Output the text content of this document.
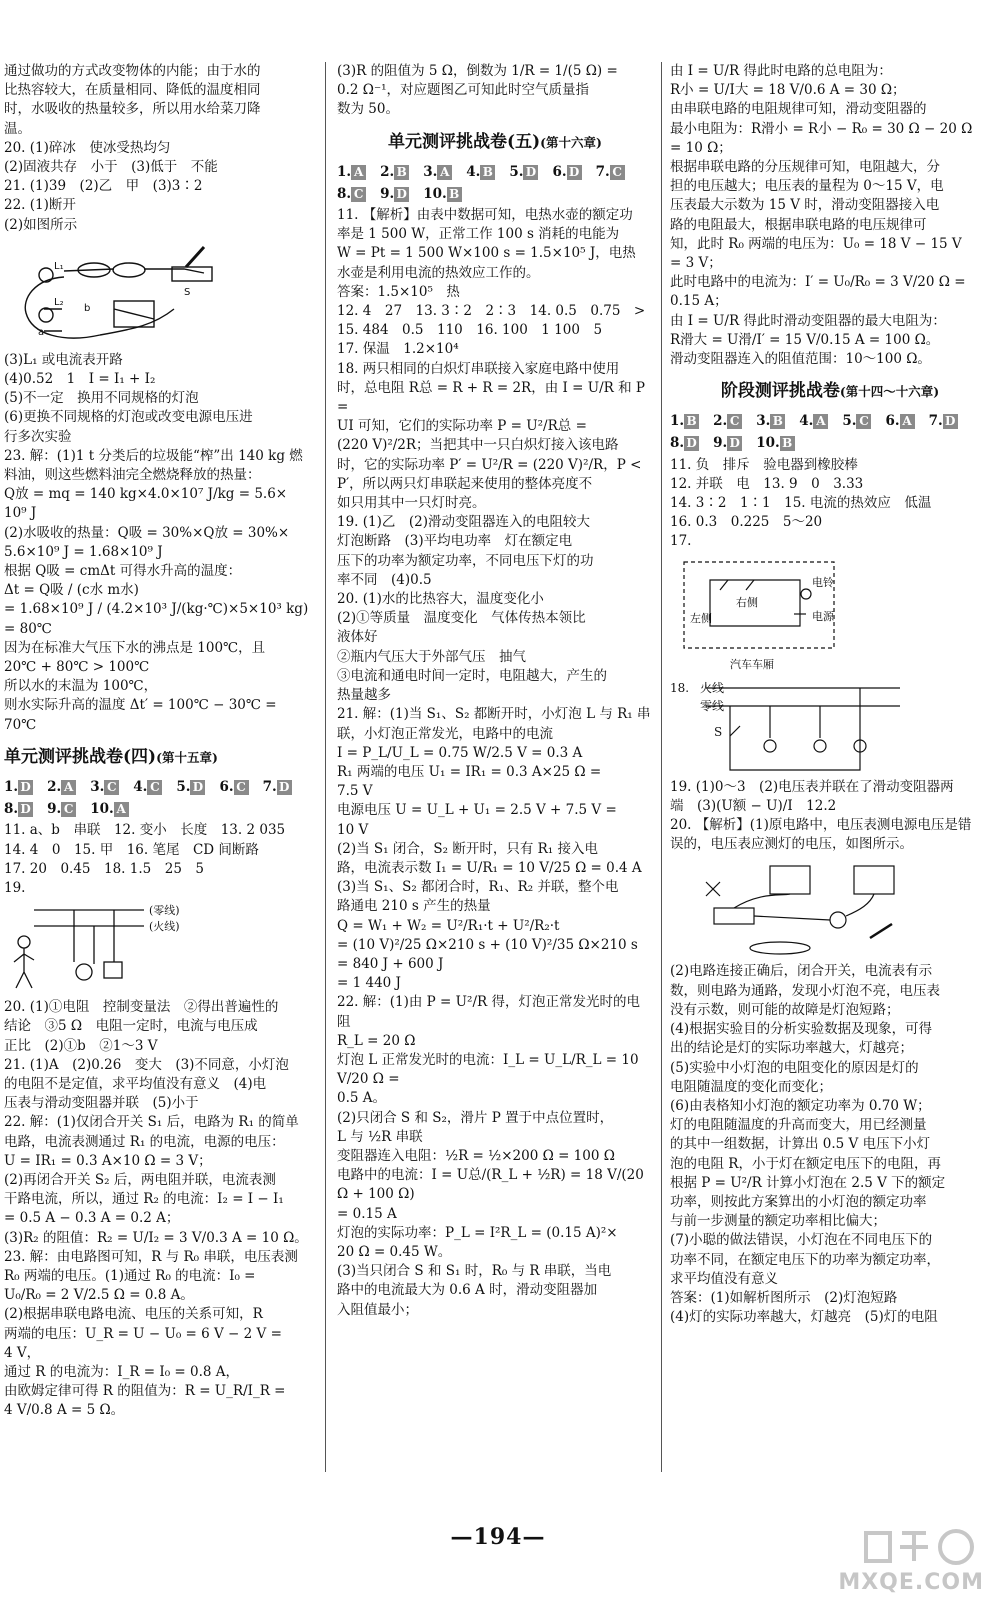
通过做功的方式改变物体的内能；由于水的

比热容较大，在质量相同、降低的温度相同

时，水吸收的热量较多，所以用水给菜刀降

温。

20. (1)碎冰　使冰受热均匀

(2)固液共存　小于　(3)低于　不能

21. (1)39　(2)乙　甲　(3)3∶2

22. (1)断开

(2)如图所示

L₁
L₂
S
a
b

(3)L₁ 或电流表开路

(4)0.52　1　I = I₁ + I₂

(5)不一定　换用不同规格的灯泡

(6)更换不同规格的灯泡或改变电源电压进

行多次实验

23. 解：(1)1 t 分类后的垃圾能“榨”出 140 kg 燃

料油，则这些燃料油完全燃烧释放的热量：

Q放 = mq = 140 kg×4.0×10⁷ J/kg = 5.6×

10⁹ J

(2)水吸收的热量：Q吸 = 30%×Q放 = 30%×

5.6×10⁹ J = 1.68×10⁹ J

根据 Q吸 = cmΔt 可得水升高的温度：

Δt = Q吸 / (c水 m水)

= 1.68×10⁹ J / (4.2×10³ J/(kg·℃)×5×10³ kg) = 80℃

因为在标准大气压下水的沸点是 100℃，且

20℃ + 80℃ > 100℃

所以水的末温为 100℃，

则水实际升高的温度 Δt′ = 100℃ − 30℃ =

70℃

单元测评挑战卷(四)(第十五章)
1. D 2. A 3. C 4. C 5. D 6. C 7. D
8. D 9. C 10. A

11. a、b　串联　12. 变小　长度　13. 2 035

14. 4　0　15. 甲　16. 笔尾　CD 间断路

17. 20　0.45　18. 1.5　25　5

19.

(零线)
(火线)

20. (1)①电阻　控制变量法　②得出普遍性的

结论　③5 Ω　电阻一定时，电流与电压成

正比　(2)①b　②1～3 V

21. (1)A　(2)0.26　变大　(3)不同意，小灯泡

的电阻不是定值，求平均值没有意义　(4)电

压表与滑动变阻器并联　(5)小于

22. 解：(1)仅闭合开关 S₁ 后，电路为 R₁ 的简单

电路，电流表测通过 R₁ 的电流，电源的电压：

U = IR₁ = 0.3 A×10 Ω = 3 V；

(2)再闭合开关 S₂ 后，两电阻并联，电流表测

干路电流，所以，通过 R₂ 的电流：I₂ = I − I₁

= 0.5 A − 0.3 A = 0.2 A；

(3)R₂ 的阻值：R₂ = U/I₂ = 3 V/0.3 A = 10 Ω。

23. 解：由电路图可知，R 与 R₀ 串联，电压表测

R₀ 两端的电压。(1)通过 R₀ 的电流：I₀ =

U₀/R₀ = 2 V/2.5 Ω = 0.8 A。

(2)根据串联电路电流、电压的关系可知，R

两端的电压：U_R = U − U₀ = 6 V − 2 V =

4 V，

通过 R 的电流为：I_R = I₀ = 0.8 A，

由欧姆定律可得 R 的阻值为：R = U_R/I_R =

4 V/0.8 A = 5 Ω。

(3)R 的阻值为 5 Ω，倒数为 1/R = 1/(5 Ω) =

0.2 Ω⁻¹，对应题图乙可知此时空气质量指

数为 50。

单元测评挑战卷(五)(第十六章)
1. A 2. B 3. A 4. B 5. D 6. D 7. C
8. C 9. D 10. B

11. 【解析】由表中数据可知，电热水壶的额定功

率是 1 500 W，正常工作 100 s 消耗的电能为

W = Pt = 1 500 W×100 s = 1.5×10⁵ J，电热

水壶是利用电流的热效应工作的。

答案：1.5×10⁵　热

12. 4　27　13. 3∶2　2∶3　14. 0.5　0.75　>

15. 484　0.5　110　16. 100　1 100　5

17. 保温　1.2×10⁴

18. 两只相同的白炽灯串联接入家庭电路中使用

时，总电阻 R总 = R + R = 2R，由 I = U/R 和 P =

UI 可知，它们的实际功率 P = U²/R总 =

(220 V)²/2R；当把其中一只白炽灯接入该电路

时，它的实际功率 P′ = U²/R = (220 V)²/R，P <

P′，所以两只灯串联起来使用的整体亮度不

如只用其中一只灯时亮。

19. (1)乙　(2)滑动变阻器连入的电阻较大　

灯泡断路　(3)平均电功率　灯在额定电

压下的功率为额定功率，不同电压下灯的功

率不同　(4)0.5

20. (1)水的比热容大，温度变化小

(2)①等质量　温度变化　气体传热本领比

液体好

②瓶内气压大于外部气压　抽气

③电流和通电时间一定时，电阻越大，产生的

热量越多

21. 解：(1)当 S₁、S₂ 都断开时，小灯泡 L 与 R₁ 串

联，小灯泡正常发光，电路中的电流

I = P_L/U_L = 0.75 W/2.5 V = 0.3 A

R₁ 两端的电压 U₁ = IR₁ = 0.3 A×25 Ω =

7.5 V

电源电压 U = U_L + U₁ = 2.5 V + 7.5 V =

10 V

(2)当 S₁ 闭合，S₂ 断开时，只有 R₁ 接入电

路，电流表示数 I₁ = U/R₁ = 10 V/25 Ω = 0.4 A

(3)当 S₁、S₂ 都闭合时，R₁、R₂ 并联，整个电

路通电 210 s 产生的热量

Q = W₁ + W₂ = U²/R₁·t + U²/R₂·t

= (10 V)²/25 Ω×210 s + (10 V)²/35 Ω×210 s

= 840 J + 600 J

= 1 440 J

22. 解：(1)由 P = U²/R 得，灯泡正常发光时的电阻

R_L = 20 Ω

灯泡 L 正常发光时的电流：I_L = U_L/R_L = 10 V/20 Ω =

0.5 A。

(2)只闭合 S 和 S₂，滑片 P 置于中点位置时，

L 与 ½R 串联

变阻器连入电阻：½R = ½×200 Ω = 100 Ω

电路中的电流：I = U总/(R_L + ½R) = 18 V/(20 Ω + 100 Ω)

= 0.15 A

灯泡的实际功率：P_L = I²R_L = (0.15 A)²×

20 Ω = 0.45 W。

(3)当只闭合 S 和 S₁ 时，R₀ 与 R 串联，当电

路中的电流最大为 0.6 A 时，滑动变阻器加

入阻值最小；

由 I = U/R 得此时电路的总电阻为：

R小 = U/I大 = 18 V/0.6 A = 30 Ω；

由串联电路的电阻规律可知，滑动变阻器的

最小电阻为：R滑小 = R小 − R₀ = 30 Ω − 20 Ω

= 10 Ω；

根据串联电路的分压规律可知，电阻越大，分

担的电压越大；电压表的量程为 0～15 V，电

压表最大示数为 15 V 时，滑动变阻器接入电

路的电阻最大，根据串联电路的电压规律可

知，此时 R₀ 两端的电压为：U₀ = 18 V − 15 V

= 3 V；

此时电路中的电流为：I′ = U₀/R₀ = 3 V/20 Ω =

0.15 A；

由 I = U/R 得此时滑动变阻器的最大电阻为：

R滑大 = U滑/I′ = 15 V/0.15 A = 100 Ω。

滑动变阻器连入的阻值范围：10～100 Ω。

阶段测评挑战卷(第十四～十六章)
1. B 2. C 3. B 4. A 5. C 6. A 7. D
8. D 9. D 10. B

11. 负　排斥　验电器到橡胶棒

12. 并联　电　13. 9　0　3.33

14. 3∶2　1∶1　15. 电流的热效应　低温

16. 0.3　0.225　5～20

17.

左侧
右侧
电铃
电源
汽车车厢
18. 火线
零线
S

19. (1)0～3　(2)电压表并联在了滑动变阻器两

端　(3)(U额 − U)/I　12.2

20. 【解析】(1)原电路中，电压表测电源电压是错

误的，电压表应测灯的电压，如图所示。

(2)电路连接正确后，闭合开关，电流表有示

数，则电路为通路，发现小灯泡不亮，电压表

没有示数，则可能的故障是灯泡短路；

(4)根据实验目的分析实验数据及现象，可得

出的结论是灯的实际功率越大，灯越亮；

(5)实验中小灯泡的电阻变化的原因是灯的

电阻随温度的变化而变化；

(6)由表格知小灯泡的额定功率为 0.70 W；

灯的电阻随温度的升高而变大，用已经测量

的其中一组数据，计算出 0.5 V 电压下小灯

泡的电阻 R，小于灯在额定电压下的电阻，再

根据 P = U²/R 计算小灯泡在 2.5 V 下的额定

功率，则按此方案算出的小灯泡的额定功率

与前一步测量的额定功率相比偏大；

(7)小聪的做法错误，小灯泡在不同电压下的

功率不同，在额定电压下的功率为额定功率，

求平均值没有意义

答案：(1)如解析图所示　(2)灯泡短路

(4)灯的实际功率越大，灯越亮　(5)灯的电阻

—194—
MXQE.COM
